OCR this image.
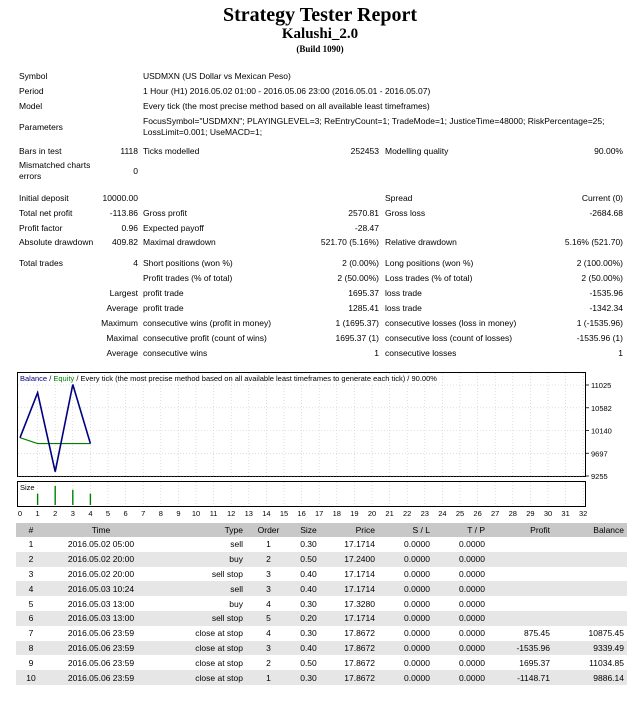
Strategy Tester Report
Kalushi_2.0
(Build 1090)
Symbol	USDMXN (US Dollar vs Mexican Peso)
Period	1 Hour (H1) 2016.05.02 01:00 - 2016.05.06 23:00 (2016.05.01 - 2016.05.07)
Model	Every tick (the most precise method based on all available least timeframes)
Parameters
FocusSymbol="USDMXN"; PLAYINGLEVEL=3; ReEntryCount=1; TradeMode=1; JusticeTime=48000; RiskPercentage=25;
LossLimit=0.001; UseMACD=1;
Bars in test	1118 Ticks modelled	252453 Modelling quality	90.00%
Mismatched charts
errors	0
Initial deposit	10000.00	Spread	Current (0)
Total net profit	-113.86 Gross profit	2570.81 Gross loss	-2684.68
Profit factor	0.96 Expected payoff	-28.47
Absolute drawdown 409.82 Maximal drawdown	521.70 (5.16%) Relative drawdown	5.16% (521.70)
Total trades	4 Short positions (won %)	2 (0.00%) Long positions (won %)	2 (100.00%)
Profit trades (% of total)	2 (50.00%) Loss trades (% of total)	2 (50.00%)
Largest profit trade	1695.37 loss trade	-1535.96
Average profit trade	1285.41 loss trade	-1342.34
Maximum consecutive wins (profit in money)	1 (1695.37) consecutive losses (loss in money)	1 (-1535.96)
Maximal consecutive profit (count of wins)	1695.37 (1) consecutive loss (count of losses)	-1535.96 (1)
Average consecutive wins	1 consecutive losses	1
Balance / Equity / Every tick (the most precise method based on all available least timeframes to generate each tick) / 90.00%
Size
11025
10582
10140
9697
9255
0 1 2 3 4 5 6 7 8 9 10 11 12 13 14 15 16 17 18 19 20 21 22 23 24 25 26 27 28 29 30 31 32
#	Time	Type	Order	Size	Price	S / L	T / P	Profit	Balance
1	2016.05.02 05:00	sell	1	0.30	17.1714	0.0000	0.0000		
2	2016.05.02 20:00	buy	2	0.50	17.2400	0.0000	0.0000		
3	2016.05.02 20:00	sell stop	3	0.40	17.1714	0.0000	0.0000		
4	2016.05.03 10:24	sell	3	0.40	17.1714	0.0000	0.0000		
5	2016.05.03 13:00	buy	4	0.30	17.3280	0.0000	0.0000		
6	2016.05.03 13:00	sell stop	5	0.20	17.1714	0.0000	0.0000		
7	2016.05.06 23:59	close at stop	4	0.30	17.8672	0.0000	0.0000	875.45	10875.45
8	2016.05.06 23:59	close at stop	3	0.40	17.8672	0.0000	0.0000	-1535.96	9339.49
9	2016.05.06 23:59	close at stop	2	0.50	17.8672	0.0000	0.0000	1695.37	11034.85
10	2016.05.06 23:59	close at stop	1	0.30	17.8672	0.0000	0.0000	-1148.71	9886.14
